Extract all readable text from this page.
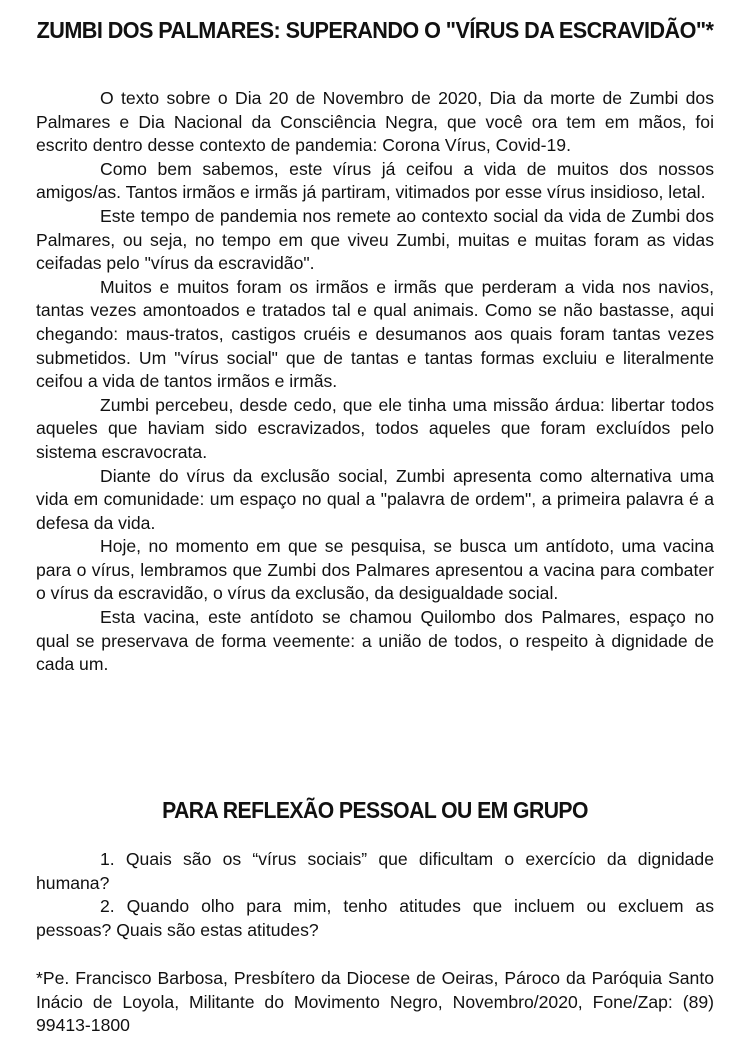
ZUMBI DOS PALMARES: SUPERANDO O "VÍRUS DA ESCRAVIDÃO"*

O texto sobre o Dia 20 de Novembro de 2020, Dia da morte de Zumbi dos Palmares e Dia Nacional da Consciência Negra, que você ora tem em mãos, foi escrito dentro desse contexto de pandemia: Corona Vírus, Covid-19.

Como bem sabemos, este vírus já ceifou a vida de muitos dos nossos amigos/as. Tantos irmãos e irmãs já partiram, vitimados por esse vírus insidioso, letal.

Este tempo de pandemia nos remete ao contexto social da vida de Zumbi dos Palmares, ou seja, no tempo em que viveu Zumbi, muitas e muitas foram as vidas ceifadas pelo "vírus da escravidão".

Muitos e muitos foram os irmãos e irmãs que perderam a vida nos navios, tantas vezes amontoados e tratados tal e qual animais. Como se não bastasse, aqui chegando: maus-tratos, castigos cruéis e desumanos aos quais foram tantas vezes submetidos. Um "vírus social" que de tantas e tantas formas excluiu e literalmente ceifou a vida de tantos irmãos e irmãs.

Zumbi percebeu, desde cedo, que ele tinha uma missão árdua: libertar todos aqueles que haviam sido escravizados, todos aqueles que foram excluídos pelo sistema escravocrata.

Diante do vírus da exclusão social, Zumbi apresenta como alternativa uma vida em comunidade: um espaço no qual a "palavra de ordem", a primeira palavra é a defesa da vida.

Hoje, no momento em que se pesquisa, se busca um antídoto, uma vacina para o vírus, lembramos que Zumbi dos Palmares apresentou a vacina para combater o vírus da escravidão, o vírus da exclusão, da desigualdade social.

Esta vacina, este antídoto se chamou Quilombo dos Palmares, espaço no qual se preservava de forma veemente: a união de todos, o respeito à dignidade de cada um.

PARA REFLEXÃO PESSOAL OU EM GRUPO

1. Quais são os “vírus sociais” que dificultam o exercício da dignidade humana?

2. Quando olho para mim, tenho atitudes que incluem ou excluem as pessoas? Quais são estas atitudes?

*Pe. Francisco Barbosa, Presbítero da Diocese de Oeiras, Pároco da Paróquia Santo Inácio de Loyola, Militante do Movimento Negro, Novembro/2020, Fone/Zap: (89) 99413-1800
